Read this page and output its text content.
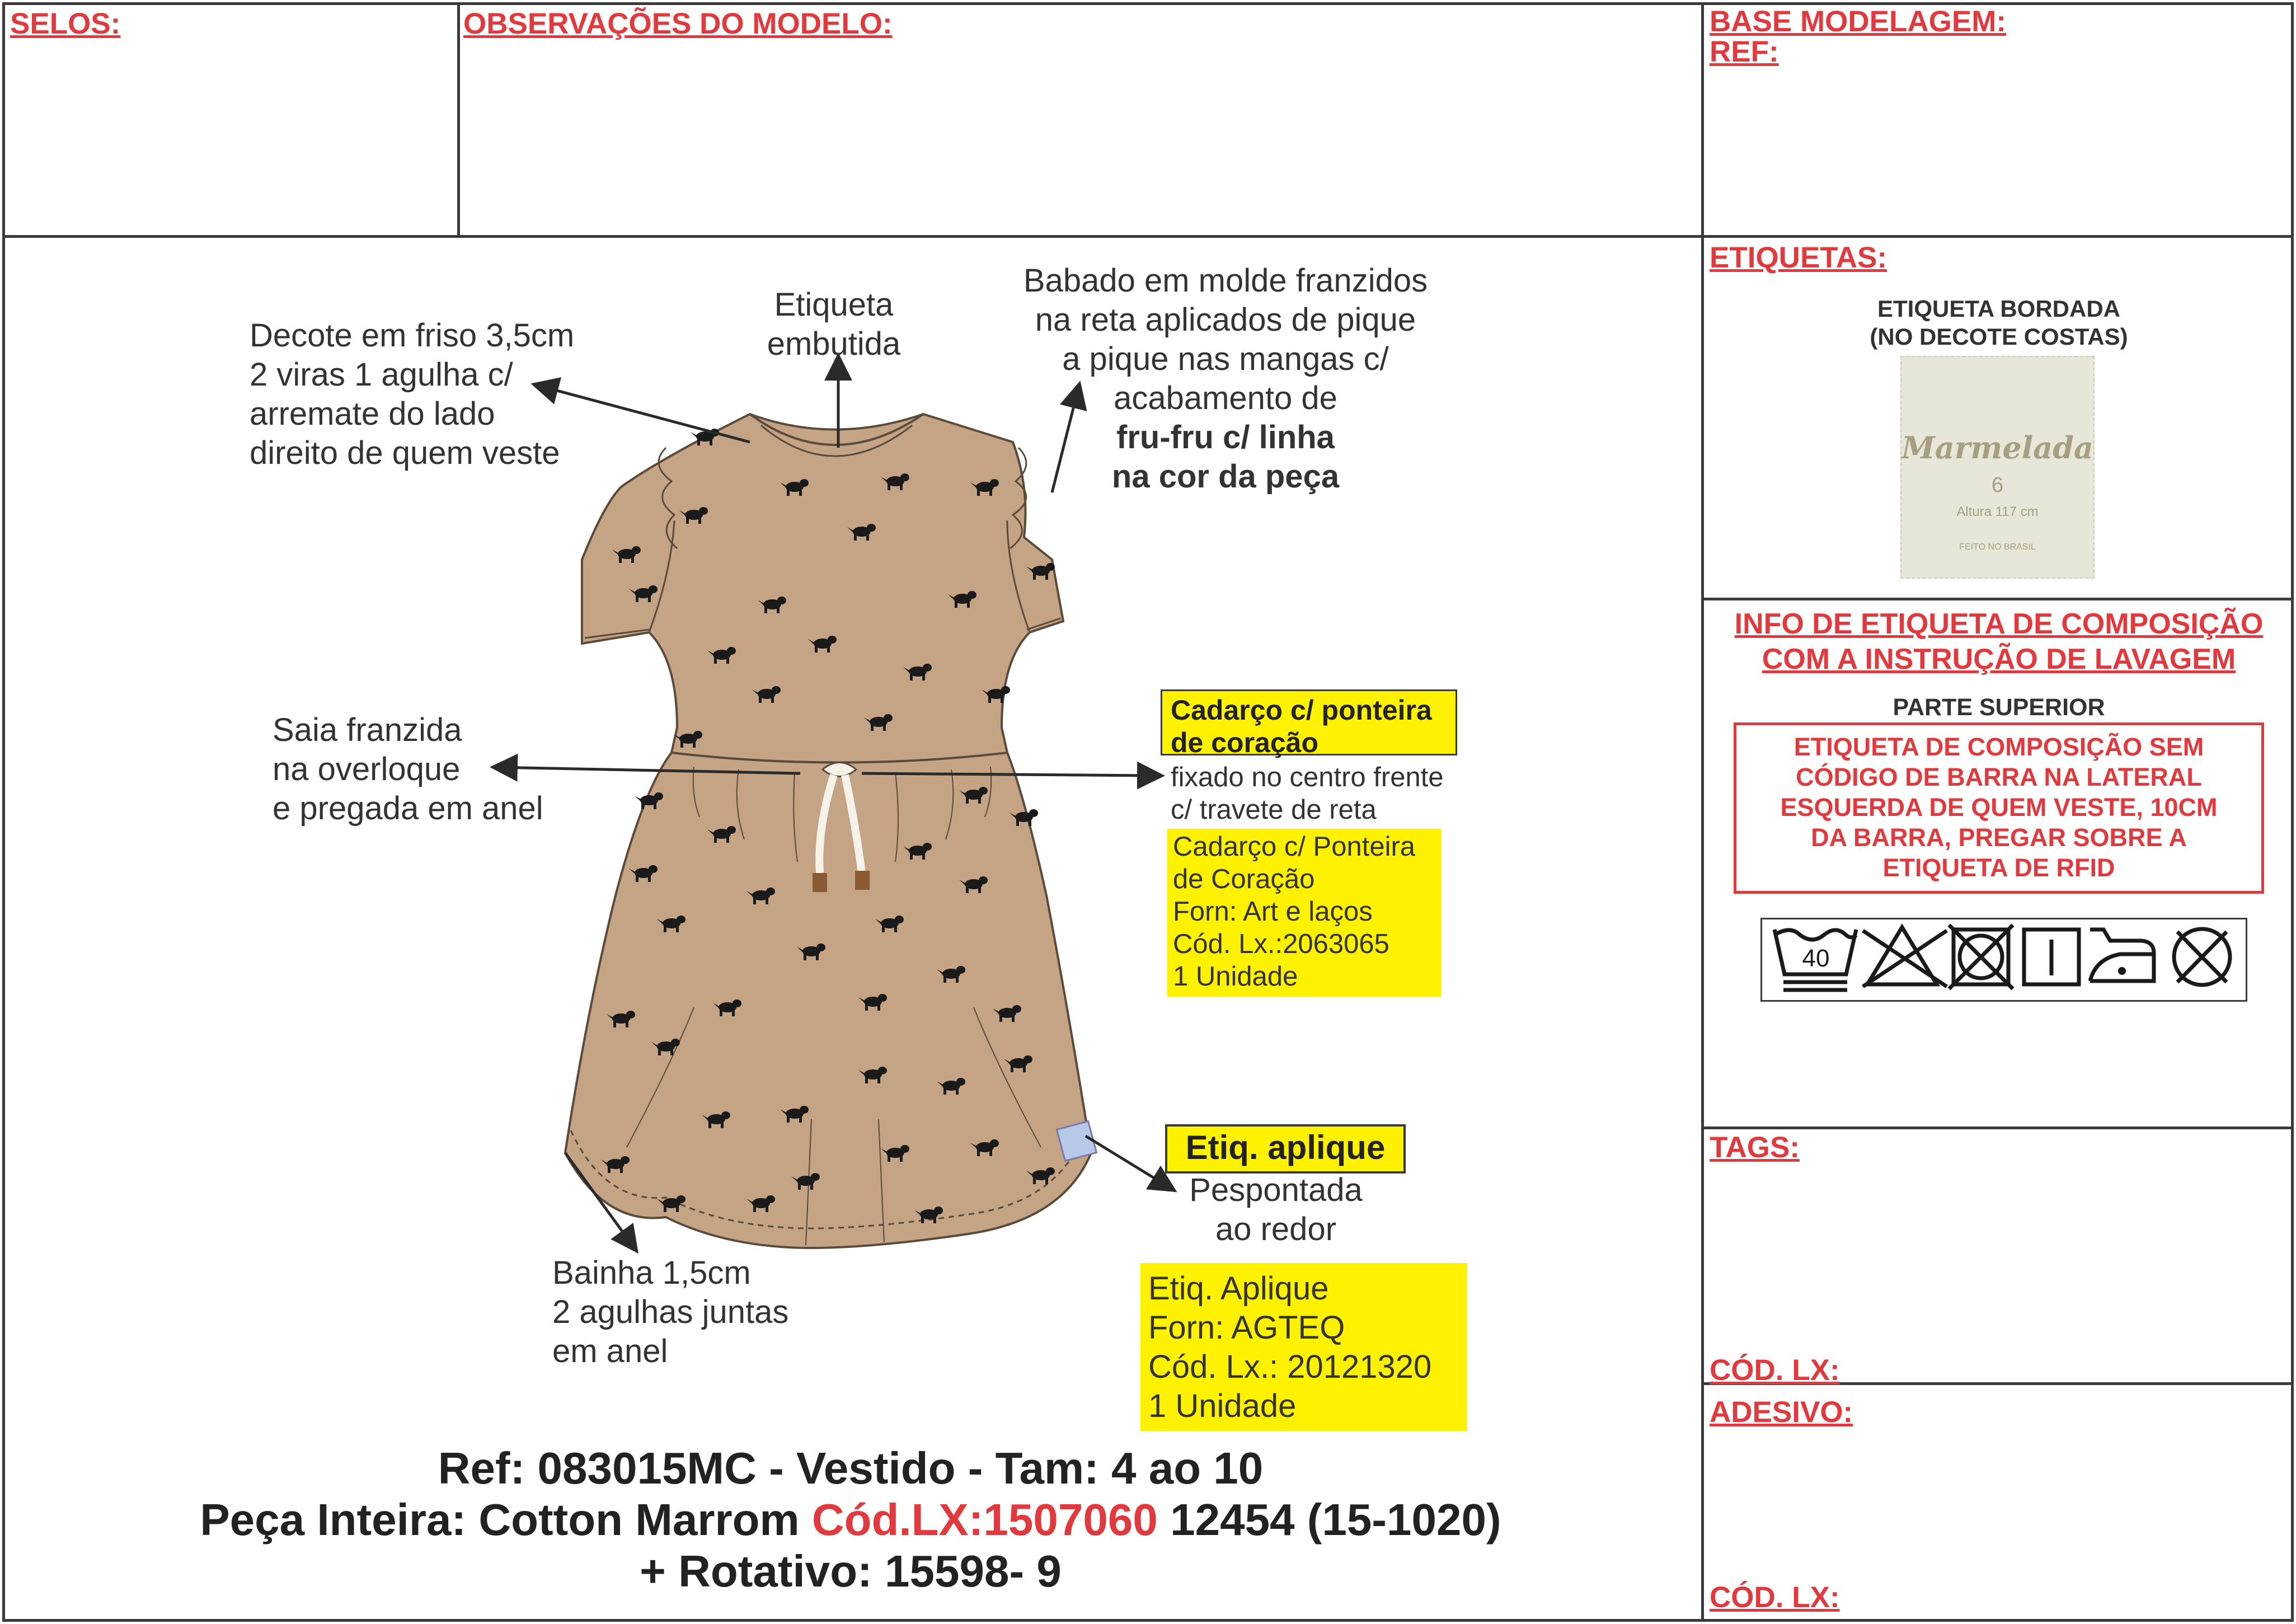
SELOS:	OBSERVAÇÕES DO MODELO:	BASE MODELAGEM:
REF:
ETIQUETAS:
ETIQUETA BORDADA
(NO DECOTE COSTAS)
Marmelada
6
Altura 117 cm
FEITO NO BRASIL
INFO DE ETIQUETA DE COMPOSIÇÃO
COM A INSTRUÇÃO DE LAVAGEM
PARTE SUPERIOR
ETIQUETA DE COMPOSIÇÃO SEM
CÓDIGO DE BARRA NA LATERAL
ESQUERDA DE QUEM VESTE, 10CM
DA BARRA, PREGAR SOBRE A
ETIQUETA DE RFID
40
TAGS:
CÓD. LX:
ADESIVO:
CÓD. LX:
Decote em friso 3,5cm
2 viras 1 agulha c/
arremate do lado
direito de quem veste
Etiqueta
embutida
Babado em molde franzidos
na reta aplicados de pique
a pique nas mangas c/
acabamento de
fru-fru c/ linha
na cor da peça
Saia franzida
na overloque
e pregada em anel
Cadarço c/ ponteira
de coração
fixado no centro frente
c/ travete de reta
Cadarço c/ Ponteira
de Coração
Forn: Art e laços
Cód. Lx.:2063065
1 Unidade
Etiq. aplique
Pespontada
ao redor
Etiq. Aplique
Forn: AGTEQ
Cód. Lx.: 20121320
1 Unidade
Bainha 1,5cm
2 agulhas juntas
em anel
Ref: 083015MC - Vestido - Tam: 4 ao 10
Peça Inteira: Cotton Marrom Cód.LX:1507060 12454 (15-1020)
+ Rotativo: 15598- 9
